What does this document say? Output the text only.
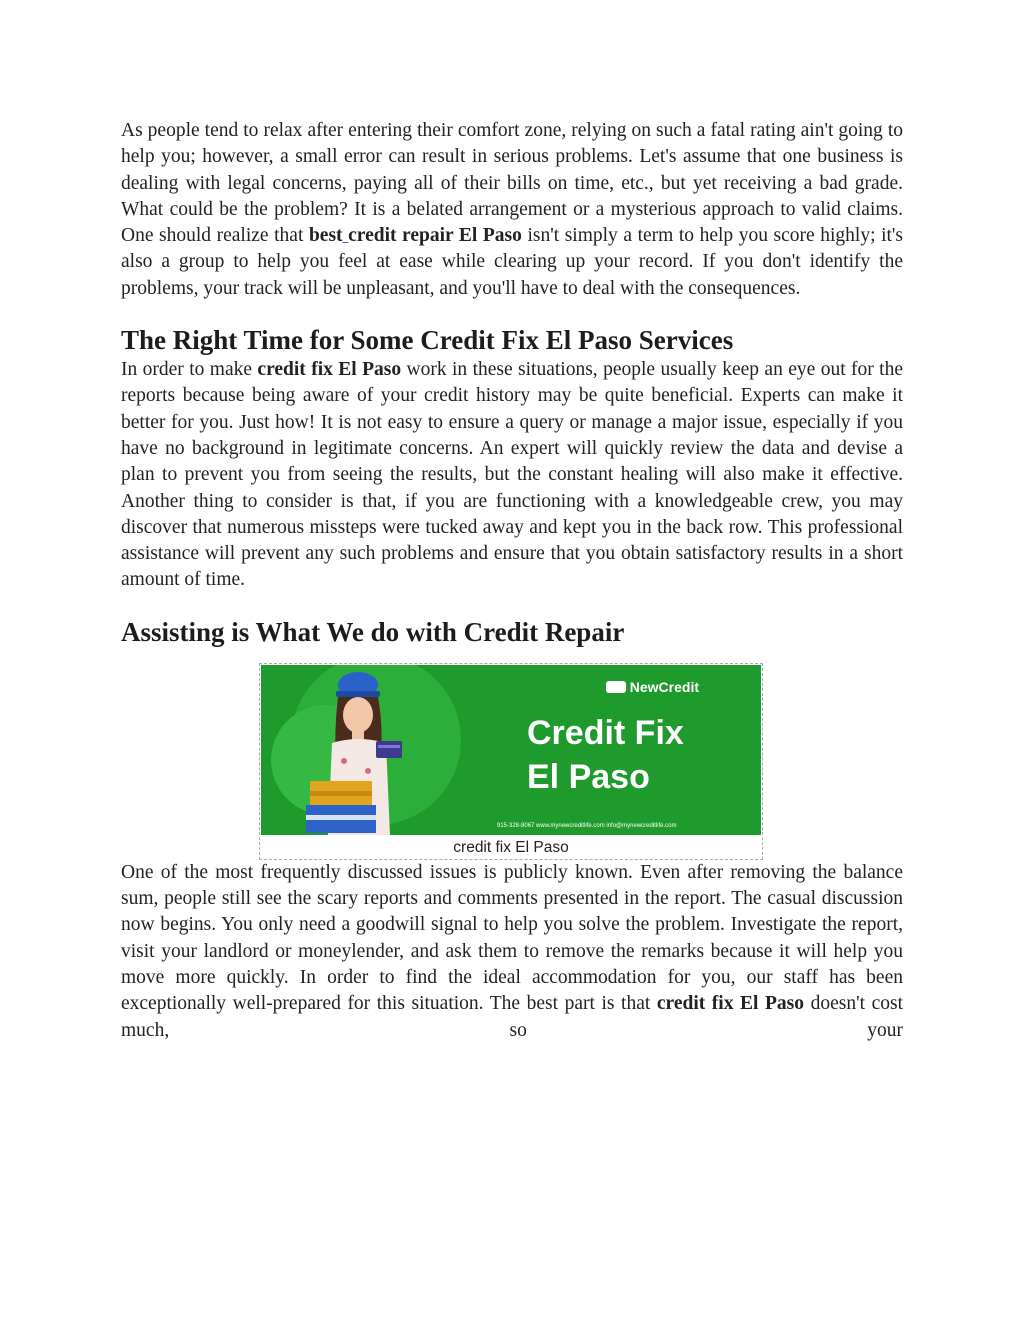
As people tend to relax after entering their comfort zone, relying on such a fatal rating ain't going to help you; however, a small error can result in serious problems. Let's assume that one business is dealing with legal concerns, paying all of their bills on time, etc., but yet receiving a bad grade. What could be the problem? It is a belated arrangement or a mysterious approach to valid claims. One should realize that best credit repair El Paso isn't simply a term to help you score highly; it's also a group to help you feel at ease while clearing up your record. If you don't identify the problems, your track will be unpleasant, and you'll have to deal with the consequences.

The Right Time for Some Credit Fix El Paso Services

In order to make credit fix El Paso work in these situations, people usually keep an eye out for the reports because being aware of your credit history may be quite beneficial. Experts can make it better for you. Just how! It is not easy to ensure a query or manage a major issue, especially if you have no background in legitimate concerns. An expert will quickly review the data and devise a plan to prevent you from seeing the results, but the constant healing will also make it effective. Another thing to consider is that, if you are functioning with a knowledgeable crew, you may discover that numerous missteps were tucked away and kept you in the back row. This professional assistance will prevent any such problems and ensure that you obtain satisfactory results in a short amount of time.

Assisting is What We do with Credit Repair
NewCredit

Credit Fix
El Paso

915-328-8067 www.mynewcreditlife.com info@mynewcreditlife.com
credit fix El Paso

One of the most frequently discussed issues is publicly known. Even after removing the balance sum, people still see the scary reports and comments presented in the report. The casual discussion now begins. You only need a goodwill signal to help you solve the problem. Investigate the report, visit your landlord or moneylender, and ask them to remove the remarks because it will help you move more quickly. In order to find the ideal accommodation for you, our staff has been exceptionally well-prepared for this situation. The best part is that credit fix El Paso doesn't cost much, so your
